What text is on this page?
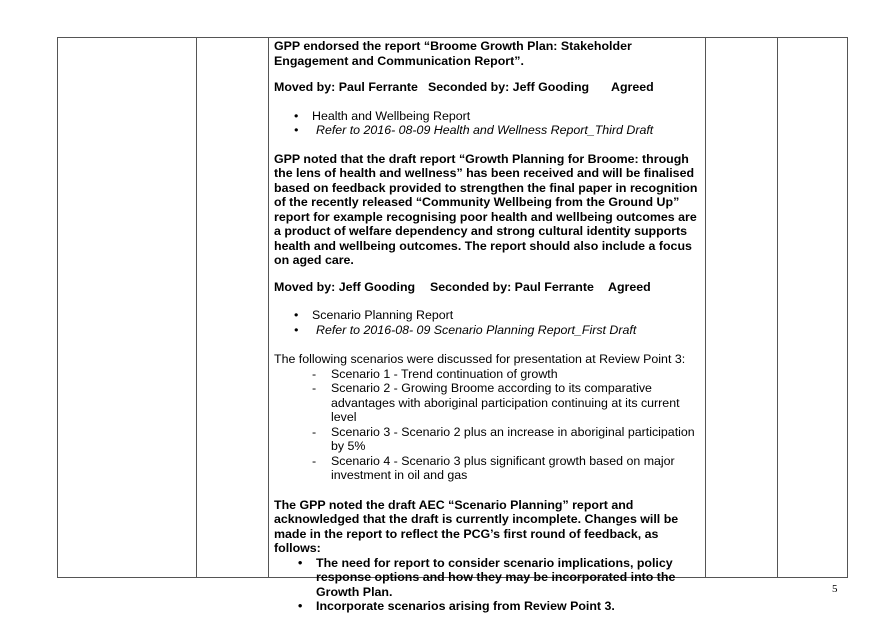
GPP endorsed the report “Broome Growth Plan: Stakeholder Engagement and Communication Report”.

Moved by: Paul Ferrante Seconded by: Jeff Gooding	Agreed
• Health and Wellbeing Report
• Refer to 2016- 08-09 Health and Wellness Report_Third Draft

GPP noted that the draft report “Growth Planning for Broome: through the lens of health and wellness” has been received and will be finalised based on feedback provided to strengthen the final paper in recognition of the recently released “Community Wellbeing from the Ground Up” report for example recognising poor health and wellbeing outcomes are a product of welfare dependency and strong cultural identity supports health and wellbeing outcomes. The report should also include a focus on aged care.

Moved by: Jeff Gooding	Seconded by: Paul Ferrante	Agreed
• Scenario Planning Report
• Refer to 2016-08- 09 Scenario Planning Report_First Draft

The following scenarios were discussed for presentation at Review Point 3:

- Scenario 1 - Trend continuation of growth
- Scenario 2 - Growing Broome according to its comparative advantages with aboriginal participation continuing at its current level
- Scenario 3 - Scenario 2 plus an increase in aboriginal participation by 5%
- Scenario 4 - Scenario 3 plus significant growth based on major investment in oil and gas

The GPP noted the draft AEC “Scenario Planning” report and acknowledged that the draft is currently incomplete. Changes will be made in the report to reflect the PCG’s first round of feedback, as
follows:

• The need for report to consider scenario implications, policy response options and how they may be incorporated into the Growth Plan.
• Incorporate scenarios arising from Review Point 3.
5
